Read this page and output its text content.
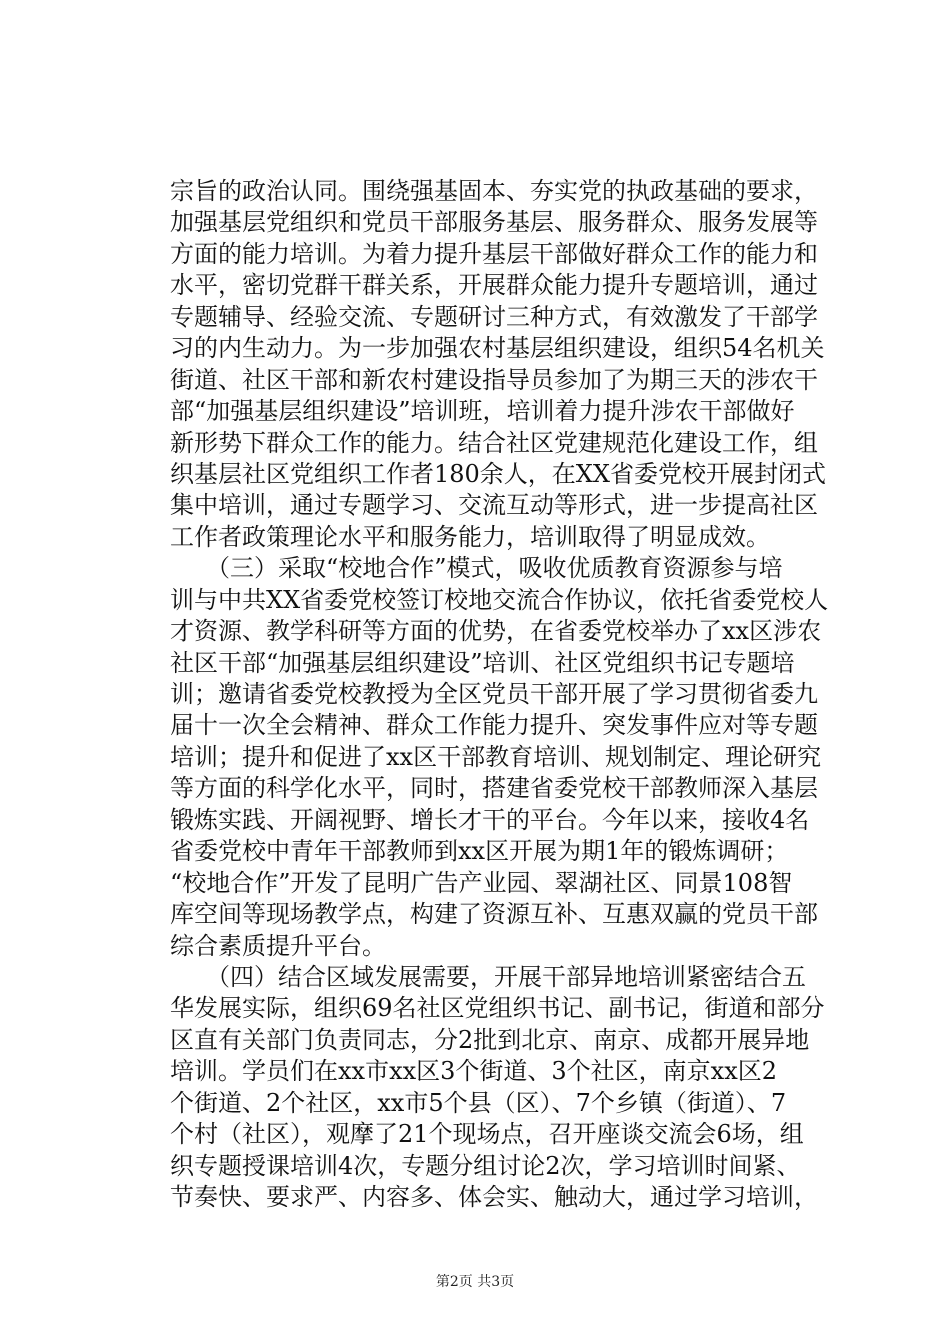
宗旨的政治认同。围绕强基固本、夯实党的执政基础的要求，
加强基层党组织和党员干部服务基层、服务群众、服务发展等
方面的能力培训。为着力提升基层干部做好群众工作的能力和
水平，密切党群干群关系，开展群众能力提升专题培训，通过
专题辅导、经验交流、专题研讨三种方式，有效激发了干部学
习的内生动力。为一步加强农村基层组织建设，组织54名机关
街道、社区干部和新农村建设指导员参加了为期三天的涉农干
部“加强基层组织建设”培训班，培训着力提升涉农干部做好
新形势下群众工作的能力。结合社区党建规范化建设工作，组
织基层社区党组织工作者180余人，在XX省委党校开展封闭式
集中培训，通过专题学习、交流互动等形式，进一步提高社区
工作者政策理论水平和服务能力，培训取得了明显成效。
　　（三）采取“校地合作”模式，吸收优质教育资源参与培
训与中共XX省委党校签订校地交流合作协议，依托省委党校人
才资源、教学科研等方面的优势，在省委党校举办了xx区涉农
社区干部“加强基层组织建设”培训、社区党组织书记专题培
训；邀请省委党校教授为全区党员干部开展了学习贯彻省委九
届十一次全会精神、群众工作能力提升、突发事件应对等专题
培训；提升和促进了xx区干部教育培训、规划制定、理论研究
等方面的科学化水平，同时，搭建省委党校干部教师深入基层
锻炼实践、开阔视野、增长才干的平台。今年以来，接收4名
省委党校中青年干部教师到xx区开展为期1年的锻炼调研；
“校地合作”开发了昆明广告产业园、翠湖社区、同景108智
库空间等现场教学点，构建了资源互补、互惠双赢的党员干部
综合素质提升平台。
　　（四）结合区域发展需要，开展干部异地培训紧密结合五
华发展实际，组织69名社区党组织书记、副书记，街道和部分
区直有关部门负责同志，分2批到北京、南京、成都开展异地
培训。学员们在xx市xx区3个街道、3个社区，南京xx区2
个街道、2个社区，xx市5个县（区）、7个乡镇（街道）、7
个村（社区），观摩了21个现场点，召开座谈交流会6场，组
织专题授课培训4次，专题分组讨论2次，学习培训时间紧、
节奏快、要求严、内容多、体会实、触动大，通过学习培训，
第2页 共3页
